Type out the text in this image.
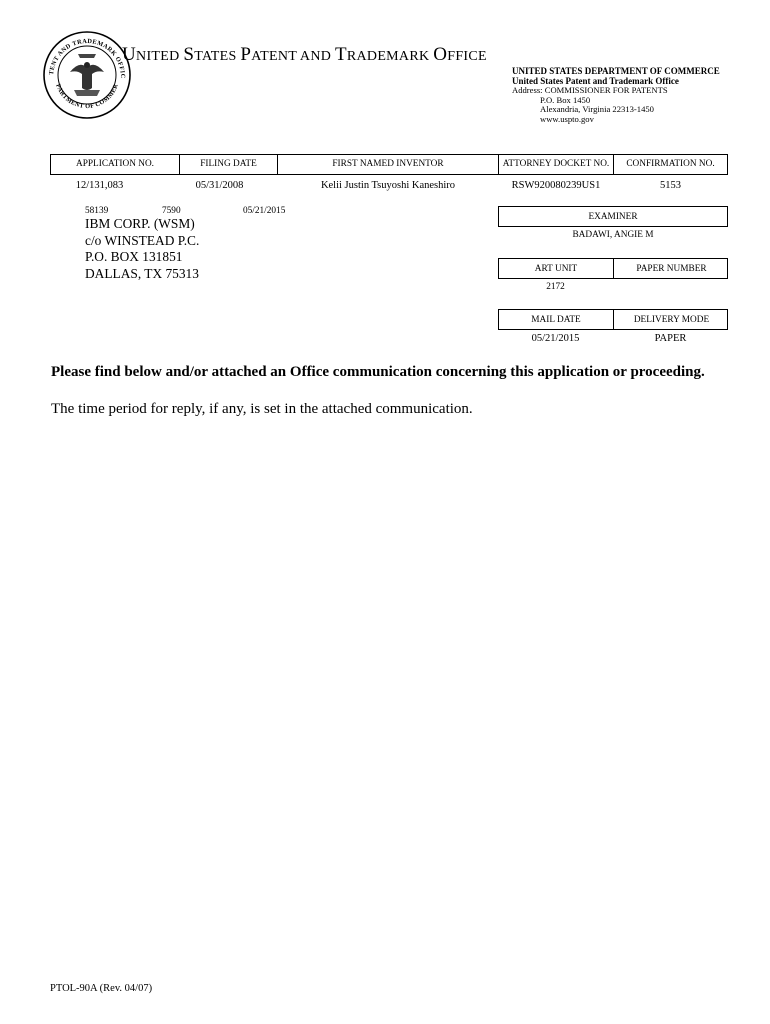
TENT AND TRADEMARK OFFIC
PARTMENT OF COMMER
UNITED STATES PATENT AND TRADEMARK OFFICE
UNITED STATES DEPARTMENT OF COMMERCE
United States Patent and Trademark Office
Address: COMMISSIONER FOR PATENTS
P.O. Box 1450
Alexandria, Virginia 22313-1450
www.uspto.gov
APPLICATION NO.	FILING DATE	FIRST NAMED INVENTOR	ATTORNEY DOCKET NO.	CONFIRMATION NO.
12/131,083	05/31/2008	Kelii Justin Tsuyoshi Kaneshiro	RSW920080239US1	5153
58139	7590	05/21/2015
IBM CORP. (WSM)
c/o WINSTEAD P.C.
P.O. BOX 131851
DALLAS, TX 75313
EXAMINER
BADAWI, ANGIE M
ART UNIT	PAPER NUMBER
2172
MAIL DATE	DELIVERY MODE
05/21/2015	PAPER
Please find below and/or attached an Office communication concerning this application or proceeding.
The time period for reply, if any, is set in the attached communication.
PTOL-90A (Rev. 04/07)
